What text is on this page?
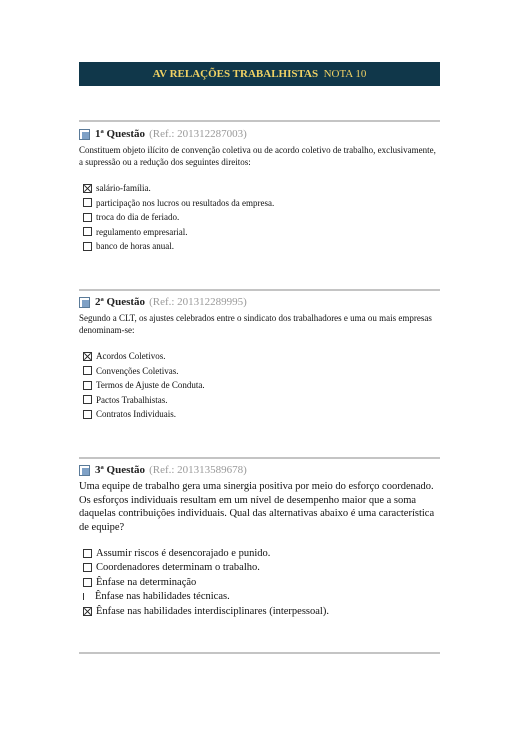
AV RELAÇÕES TRABALHISTAS NOTA 10
1ª Questão (Ref.: 201312287003)
Constituem objeto ilícito de convenção coletiva ou de acordo coletivo de trabalho, exclusivamente, a supressão ou a redução dos seguintes direitos:
salário-família.
participação nos lucros ou resultados da empresa.
troca do dia de feriado.
regulamento empresarial.
banco de horas anual.
2ª Questão (Ref.: 201312289995)
Segundo a CLT, os ajustes celebrados entre o sindicato dos trabalhadores e uma ou mais empresas denominam-se:
Acordos Coletivos.
Convenções Coletivas.
Termos de Ajuste de Conduta.
Pactos Trabalhistas.
Contratos Individuais.
3ª Questão (Ref.: 201313589678)
Uma equipe de trabalho gera uma sinergia positiva por meio do esforço coordenado. Os esforços individuais resultam em um nível de desempenho maior que a soma daquelas contribuições individuais. Qual das alternativas abaixo é uma característica de equipe?
Assumir riscos é desencorajado e punido.
Coordenadores determinam o trabalho.
Ênfase na determinação
Ênfase nas habilidades técnicas.
Ênfase nas habilidades interdisciplinares (interpessoal).
